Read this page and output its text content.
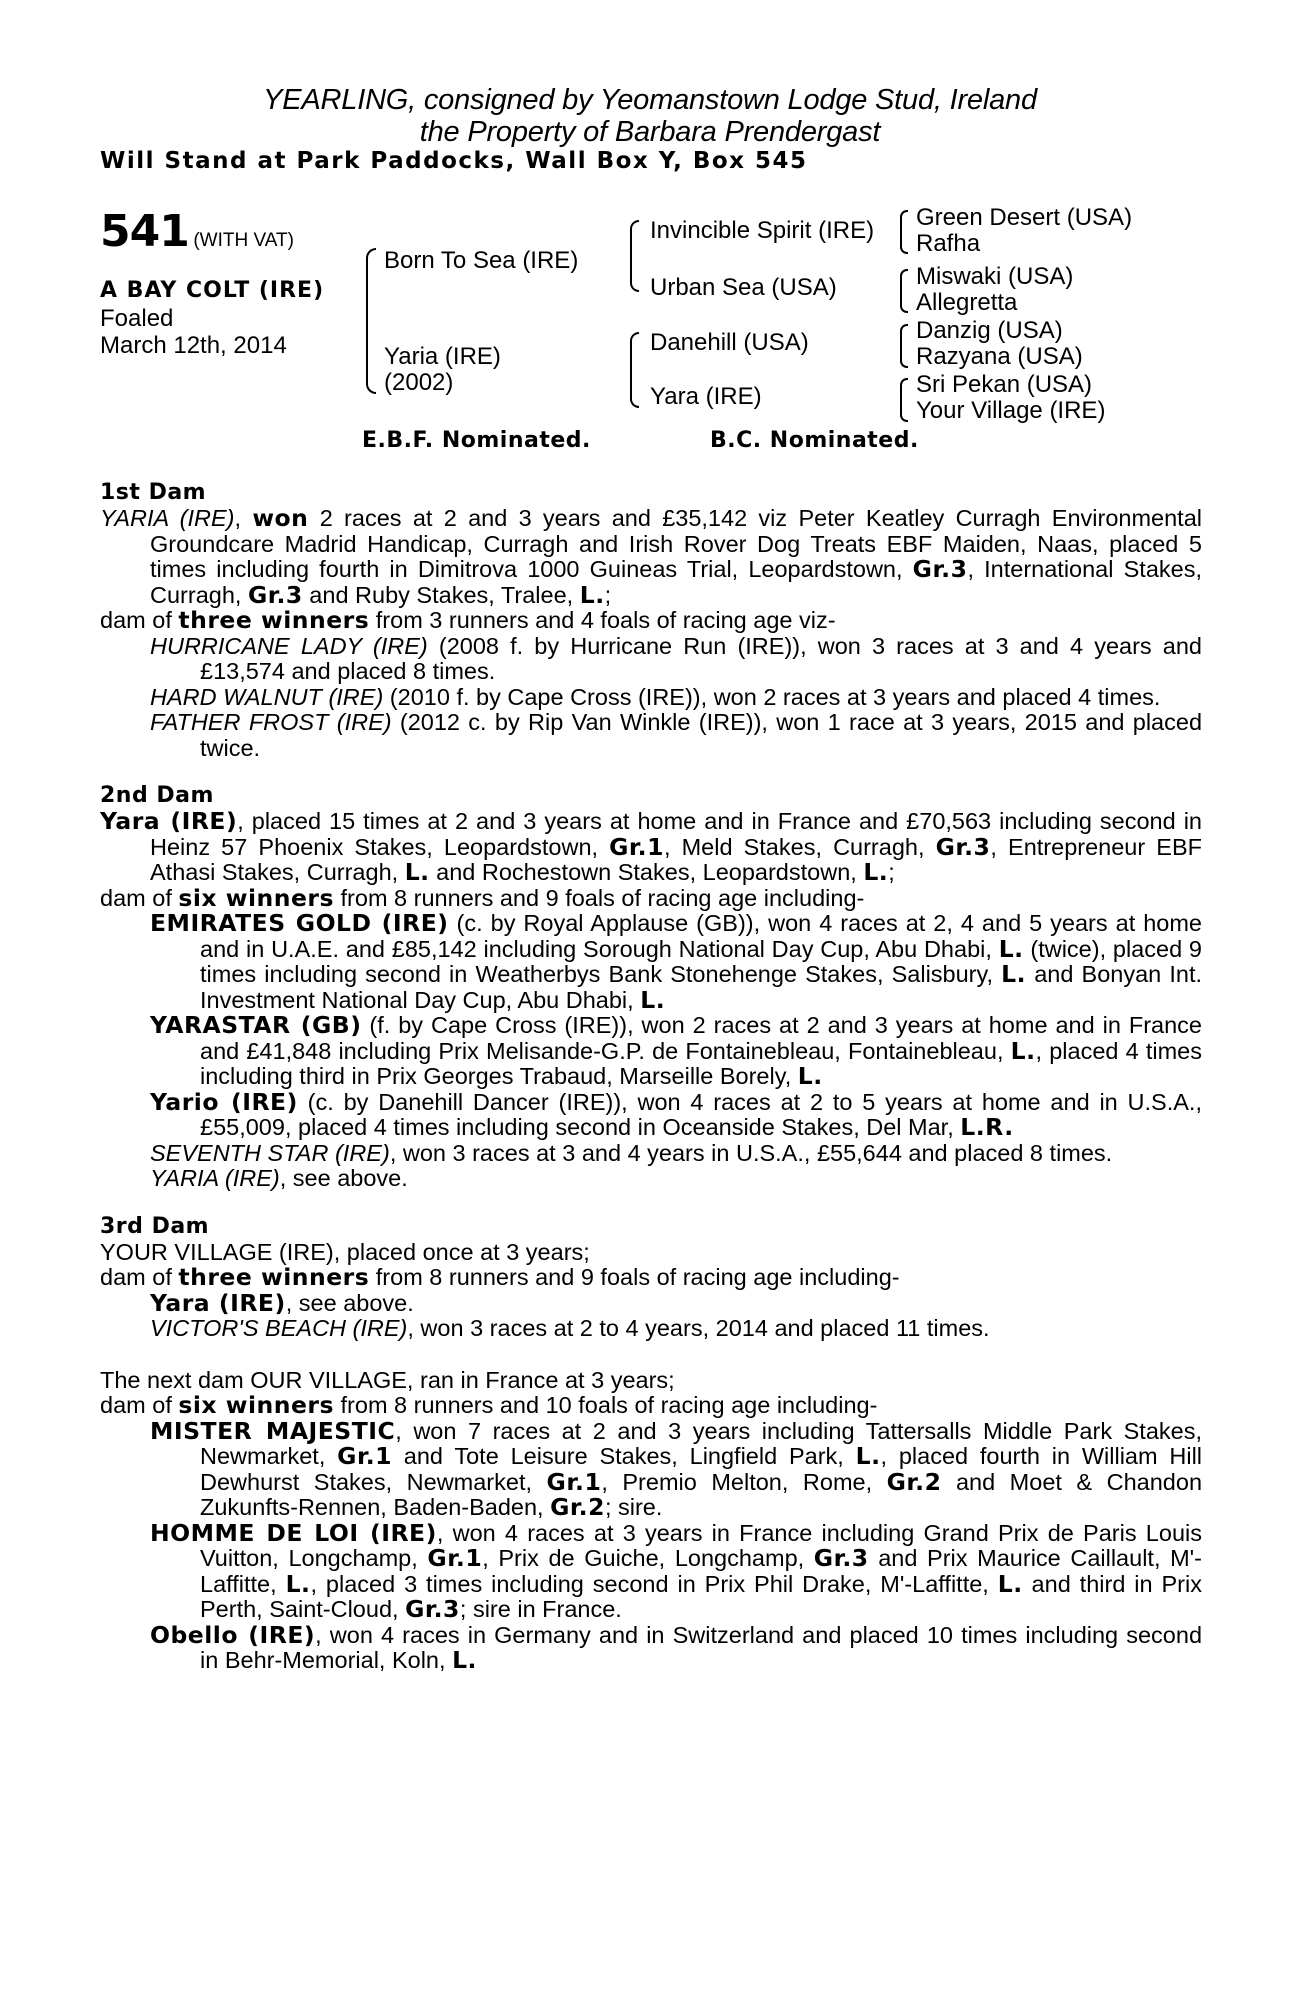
YEARLING, consigned by Yeomanstown Lodge Stud, Ireland
the Property of Barbara Prendergast
Will Stand at Park Paddocks, Wall Box Y, Box 545
541 (WITH VAT)
A BAY COLT (IRE)
Foaled
March 12th, 2014
Born To Sea (IRE)
Yaria (IRE)
(2002)
Invincible Spirit (IRE)
Urban Sea (USA)
Danehill (USA)
Yara (IRE)
Green Desert (USA)
Rafha
Miswaki (USA)
Allegretta
Danzig (USA)
Razyana (USA)
Sri Pekan (USA)
Your Village (IRE)
E.B.F. Nominated.	B.C. Nominated.
1st Dam
YARIA (IRE), won 2 races at 2 and 3 years and £35,142 viz Peter Keatley Curragh Environmental Groundcare Madrid Handicap, Curragh and Irish Rover Dog Treats EBF Maiden, Naas, placed 5 times including fourth in Dimitrova 1000 Guineas Trial, Leopardstown, Gr.3, International Stakes, Curragh, Gr.3 and Ruby Stakes, Tralee, L.;
dam of three winners from 3 runners and 4 foals of racing age viz-
HURRICANE LADY (IRE) (2008 f. by Hurricane Run (IRE)), won 3 races at 3 and 4 years and £13,574 and placed 8 times.
HARD WALNUT (IRE) (2010 f. by Cape Cross (IRE)), won 2 races at 3 years and placed 4 times.
FATHER FROST (IRE) (2012 c. by Rip Van Winkle (IRE)), won 1 race at 3 years, 2015 and placed twice.
2nd Dam
Yara (IRE), placed 15 times at 2 and 3 years at home and in France and £70,563 including second in Heinz 57 Phoenix Stakes, Leopardstown, Gr.1, Meld Stakes, Curragh, Gr.3, Entrepreneur EBF Athasi Stakes, Curragh, L. and Rochestown Stakes, Leopardstown, L.;
dam of six winners from 8 runners and 9 foals of racing age including-
EMIRATES GOLD (IRE) (c. by Royal Applause (GB)), won 4 races at 2, 4 and 5 years at home and in U.A.E. and £85,142 including Sorough National Day Cup, Abu Dhabi, L. (twice), placed 9 times including second in Weatherbys Bank Stonehenge Stakes, Salisbury, L. and Bonyan Int. Investment National Day Cup, Abu Dhabi, L.
YARASTAR (GB) (f. by Cape Cross (IRE)), won 2 races at 2 and 3 years at home and in France and £41,848 including Prix Melisande-G.P. de Fontainebleau, Fontainebleau, L., placed 4 times including third in Prix Georges Trabaud, Marseille Borely, L.
Yario (IRE) (c. by Danehill Dancer (IRE)), won 4 races at 2 to 5 years at home and in U.S.A., £55,009, placed 4 times including second in Oceanside Stakes, Del Mar, L.R.
SEVENTH STAR (IRE), won 3 races at 3 and 4 years in U.S.A., £55,644 and placed 8 times.
YARIA (IRE), see above.
3rd Dam
YOUR VILLAGE (IRE), placed once at 3 years;
dam of three winners from 8 runners and 9 foals of racing age including-
Yara (IRE), see above.
VICTOR'S BEACH (IRE), won 3 races at 2 to 4 years, 2014 and placed 11 times.
The next dam OUR VILLAGE, ran in France at 3 years;
dam of six winners from 8 runners and 10 foals of racing age including-
MISTER MAJESTIC, won 7 races at 2 and 3 years including Tattersalls Middle Park Stakes, Newmarket, Gr.1 and Tote Leisure Stakes, Lingfield Park, L., placed fourth in William Hill Dewhurst Stakes, Newmarket, Gr.1, Premio Melton, Rome, Gr.2 and Moet & Chandon Zukunfts-Rennen, Baden-Baden, Gr.2; sire.
HOMME DE LOI (IRE), won 4 races at 3 years in France including Grand Prix de Paris Louis Vuitton, Longchamp, Gr.1, Prix de Guiche, Longchamp, Gr.3 and Prix Maurice Caillault, M'-Laffitte, L., placed 3 times including second in Prix Phil Drake, M'-Laffitte, L. and third in Prix Perth, Saint-Cloud, Gr.3; sire in France.
Obello (IRE), won 4 races in Germany and in Switzerland and placed 10 times including second in Behr-Memorial, Koln, L.
